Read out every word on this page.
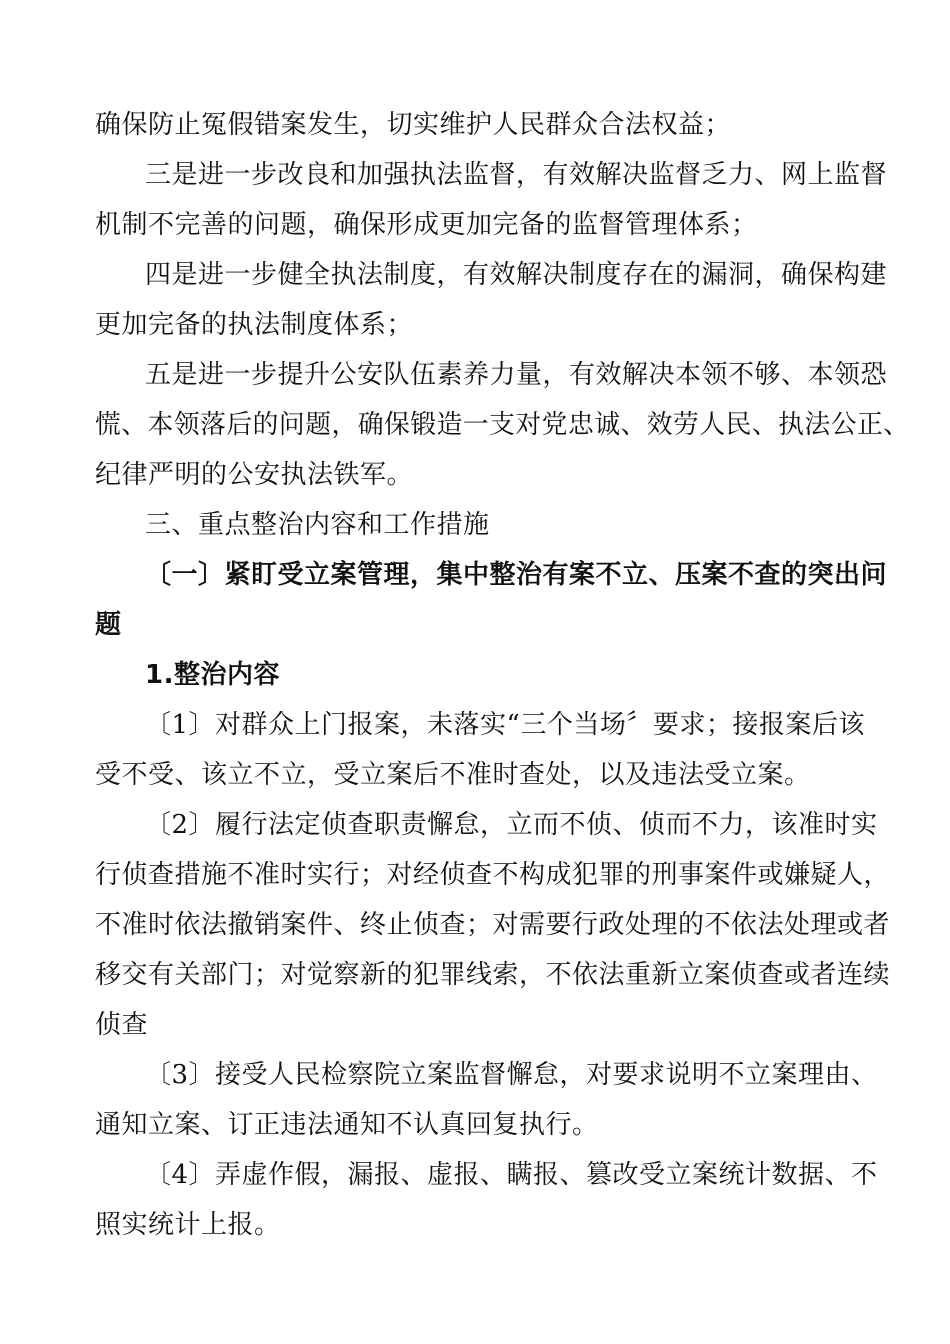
确保防止冤假错案发生，切实维护人民群众合法权益；
三是进一步改良和加强执法监督，有效解决监督乏力、网上监督
机制不完善的问题，确保形成更加完备的监督管理体系；
四是进一步健全执法制度，有效解决制度存在的漏洞，确保构建
更加完备的执法制度体系；
五是进一步提升公安队伍素养力量，有效解决本领不够、本领恐
慌、本领落后的问题，确保锻造一支对党忠诚、效劳人民、执法公正、
纪律严明的公安执法铁军。
三、重点整治内容和工作措施
〔一〕紧盯受立案管理，集中整治有案不立、压案不查的突出问
题
1.整治内容
〔1〕对群众上门报案，未落实“三个当场〞要求；接报案后该
受不受、该立不立，受立案后不准时查处，以及违法受立案。
〔2〕履行法定侦查职责懈怠，立而不侦、侦而不力，该准时实
行侦查措施不准时实行；对经侦查不构成犯罪的刑事案件或嫌疑人，
不准时依法撤销案件、终止侦查；对需要行政处理的不依法处理或者
移交有关部门；对觉察新的犯罪线索，不依法重新立案侦查或者连续
侦查
〔3〕接受人民检察院立案监督懈怠，对要求说明不立案理由、
通知立案、订正违法通知不认真回复执行。
〔4〕弄虚作假，漏报、虚报、瞒报、篡改受立案统计数据、不
照实统计上报。
